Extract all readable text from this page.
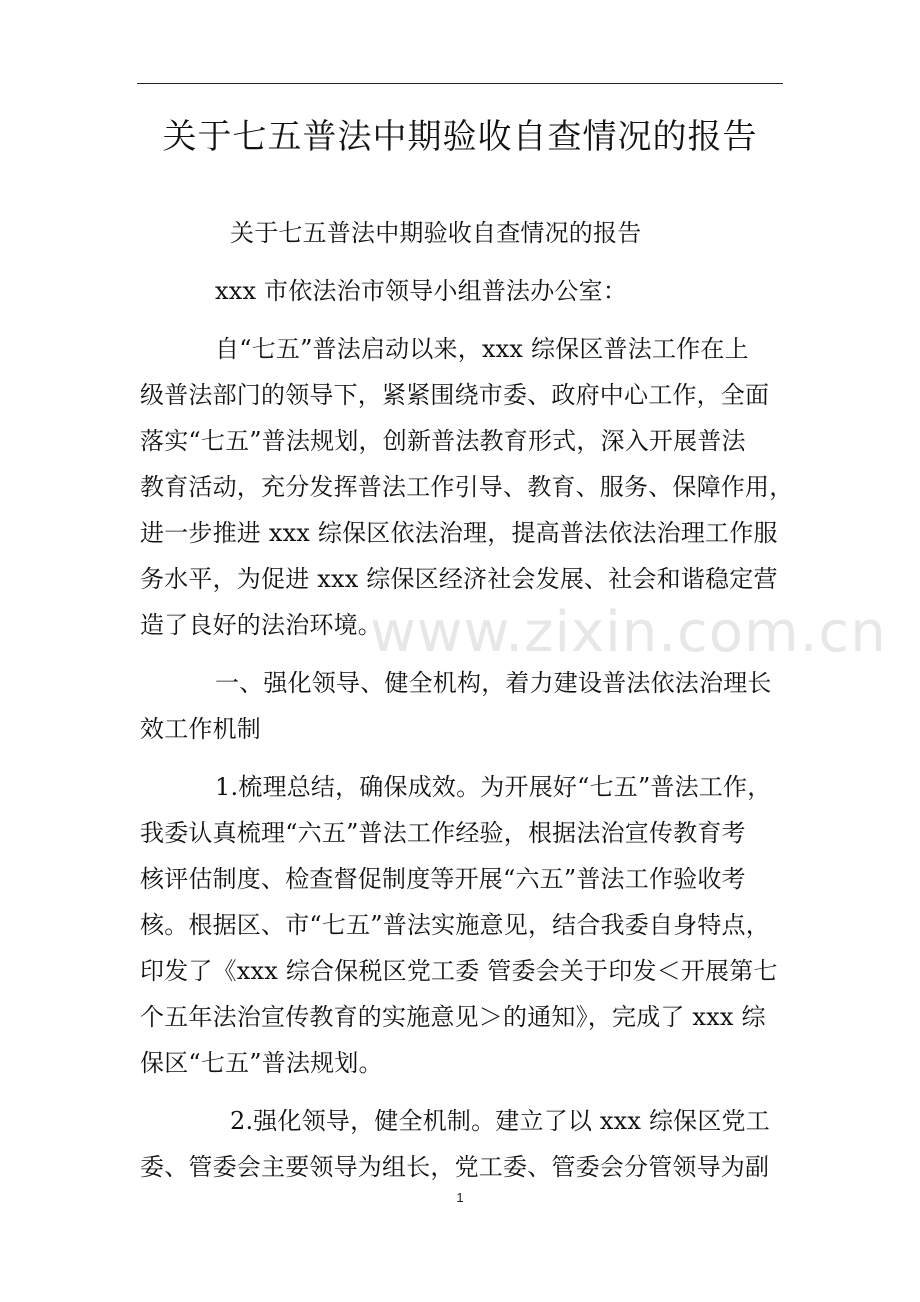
关于七五普法中期验收自查情况的报告
关于七五普法中期验收自查情况的报告
xxx 市依法治市领导小组普法办公室：
自“七五”普法启动以来，xxx 综保区普法工作在上
级普法部门的领导下，紧紧围绕市委、政府中心工作，全面
落实“七五”普法规划，创新普法教育形式，深入开展普法
教育活动，充分发挥普法工作引导、教育、服务、保障作用，
进一步推进 xxx 综保区依法治理，提高普法依法治理工作服
务水平，为促进 xxx 综保区经济社会发展、社会和谐稳定营
造了良好的法治环境。
一、强化领导、健全机构，着力建设普法依法治理长
效工作机制
1.梳理总结，确保成效。为开展好“七五”普法工作，
我委认真梳理“六五”普法工作经验，根据法治宣传教育考
核评估制度、检查督促制度等开展“六五”普法工作验收考
核。根据区、市“七五”普法实施意见，结合我委自身特点，
印发了《xxx 综合保税区党工委 管委会关于印发＜开展第七
个五年法治宣传教育的实施意见＞的通知》，完成了 xxx 综
保区“七五”普法规划。
2.强化领导，健全机制。建立了以 xxx 综保区党工
委、管委会主要领导为组长，党工委、管委会分管领导为副
www.zixin.com.cn
1
